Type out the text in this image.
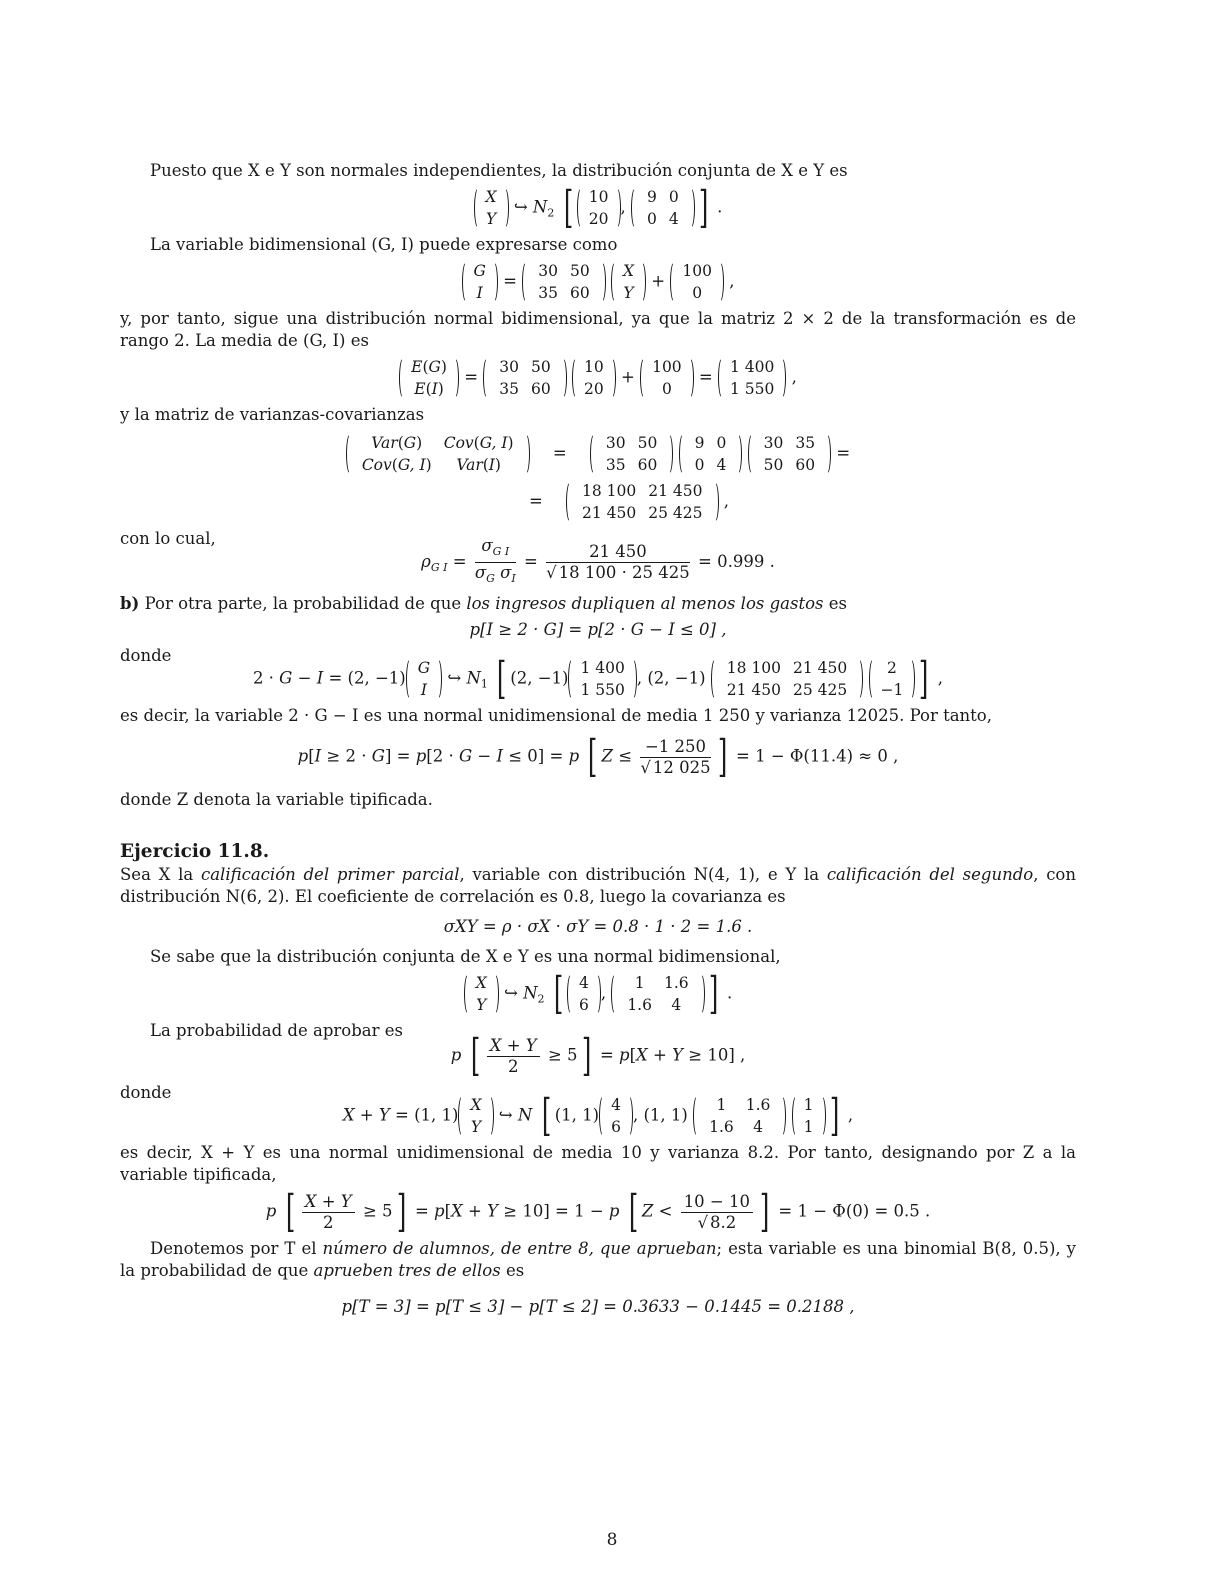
Puesto que X e Y son normales independientes, la distribución conjunta de X e Y es

X
Y
↪ $N_2$ [ 10
20
,
9	0
0	4 ] .

La variable bidimensional (G, I) puede expresarse como

G
I
=
30	50
35	60

X
Y
+
100
0
,

y, por tanto, sigue una distribución normal bidimensional, ya que la matriz 2 × 2 de la transformación es de rango 2. La media de (G, I) es

E(G)
E(I)
=
30	50
35	60

10
20
+
100
0
=
1 400
1 550
,

y la matriz de varianzas-covarianzas

Var(G)	Cov(G, I)
Cov(G, I)	Var(I)
=
30	50
35	60

9	0
0	4

30	35
50	60
=
=
18 100	21 450
21 450	25 425
,

con lo cual,

$\rho_{G I} = \frac{\sigma_{G I}}{\sigma_G \sigma_I} = \frac{21 450}{√ 18 100 \cdot 25 425} = 0.999$ .

b) Por otra parte, la probabilidad de que los ingresos dupliquen al menos los gastos es

p[I ≥ 2 · G] = p[2 · G − I ≤ 0] ,

donde

2 · G − I = (2, −1)
G
I
↪ $N_1$ [ (2, −1)
1 400
1 550
, (2, −1)
18 100	21 450
21 450	25 425

2
−1 ] ,

es decir, la variable 2 · G − I es una normal unidimensional de media 1 250 y varianza 12025. Por tanto,

p[I ≥ 2 · G] = p[2 · G − I ≤ 0] = p [ $Z \le \frac{-1 250}{√ 12 025}$ ] = 1 − Φ(11.4) ≈ 0 ,

donde Z denota la variable tipificada.

Ejercicio 11.8.

Sea X la calificación del primer parcial, variable con distribución N(4, 1), e Y la calificación del segundo, con distribución N(6, 2). El coeficiente de correlación es 0.8, luego la covarianza es

σXY = ρ · σX · σY = 0.8 · 1 · 2 = 1.6 .

Se sabe que la distribución conjunta de X e Y es una normal bidimensional,

X
Y
↪ $N_2$ [ 4
6
,
1	1.6
1.6	4 ] .

La probabilidad de aprobar es

p [ $\frac{X + Y}{2} \ge 5] = p[X + Y \ge 10]$ ,

donde

X + Y = (1, 1)
X
Y
↪ N [ (1, 1)
4
6
, (1, 1)
1	1.6
1.6	4

1
1 ] ,

es decir, X + Y es una normal unidimensional de media 10 y varianza 8.2. Por tanto, designando por Z a la variable tipificada,

p [ $\frac{X + Y}{2} \ge 5] = p[X + Y \ge 10] = 1 - p$ [ $Z < \frac{10 - 10}{√ 8.2}$ ] = 1 − Φ(0) = 0.5 .

Denotemos por T el número de alumnos, de entre 8, que aprueban; esta variable es una binomial B(8, 0.5), y la probabilidad de que aprueben tres de ellos es

p[T = 3] = p[T ≤ 3] − p[T ≤ 2] = 0.3633 − 0.1445 = 0.2188 ,
8
